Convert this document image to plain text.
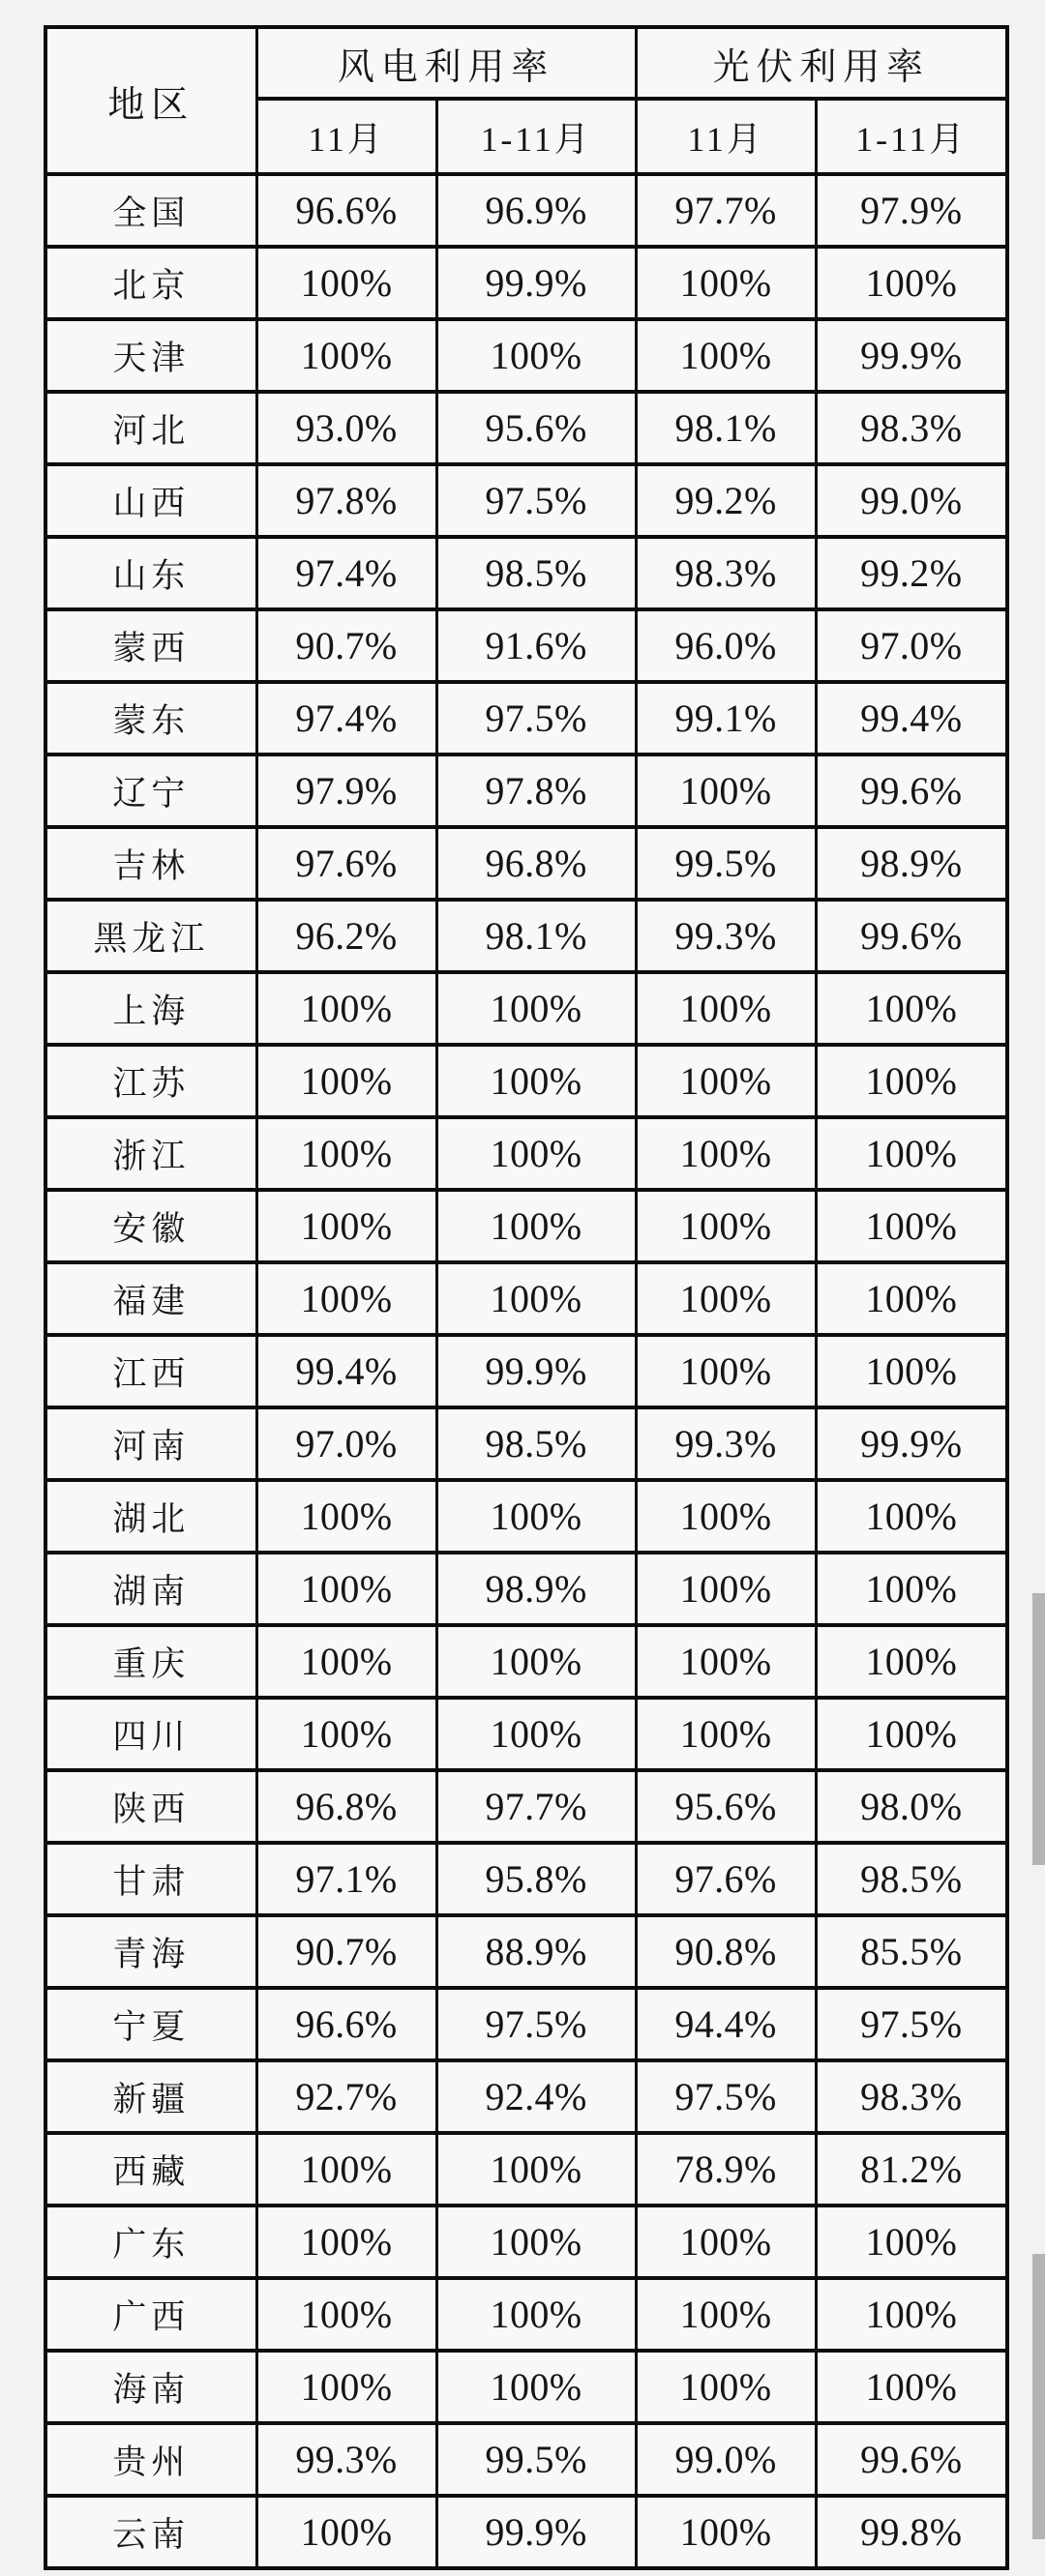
地区	风电利用率		光伏利用率	
	11月	1-11月	11月	1-11月
全国	96.6%	96.9%	97.7%	97.9%
北京	100%	99.9%	100%	100%
天津	100%	100%	100%	99.9%
河北	93.0%	95.6%	98.1%	98.3%
山西	97.8%	97.5%	99.2%	99.0%
山东	97.4%	98.5%	98.3%	99.2%
蒙西	90.7%	91.6%	96.0%	97.0%
蒙东	97.4%	97.5%	99.1%	99.4%
辽宁	97.9%	97.8%	100%	99.6%
吉林	97.6%	96.8%	99.5%	98.9%
黑龙江	96.2%	98.1%	99.3%	99.6%
上海	100%	100%	100%	100%
江苏	100%	100%	100%	100%
浙江	100%	100%	100%	100%
安徽	100%	100%	100%	100%
福建	100%	100%	100%	100%
江西	99.4%	99.9%	100%	100%
河南	97.0%	98.5%	99.3%	99.9%
湖北	100%	100%	100%	100%
湖南	100%	98.9%	100%	100%
重庆	100%	100%	100%	100%
四川	100%	100%	100%	100%
陕西	96.8%	97.7%	95.6%	98.0%
甘肃	97.1%	95.8%	97.6%	98.5%
青海	90.7%	88.9%	90.8%	85.5%
宁夏	96.6%	97.5%	94.4%	97.5%
新疆	92.7%	92.4%	97.5%	98.3%
西藏	100%	100%	78.9%	81.2%
广东	100%	100%	100%	100%
广西	100%	100%	100%	100%
海南	100%	100%	100%	100%
贵州	99.3%	99.5%	99.0%	99.6%
云南	100%	99.9%	100%	99.8%
